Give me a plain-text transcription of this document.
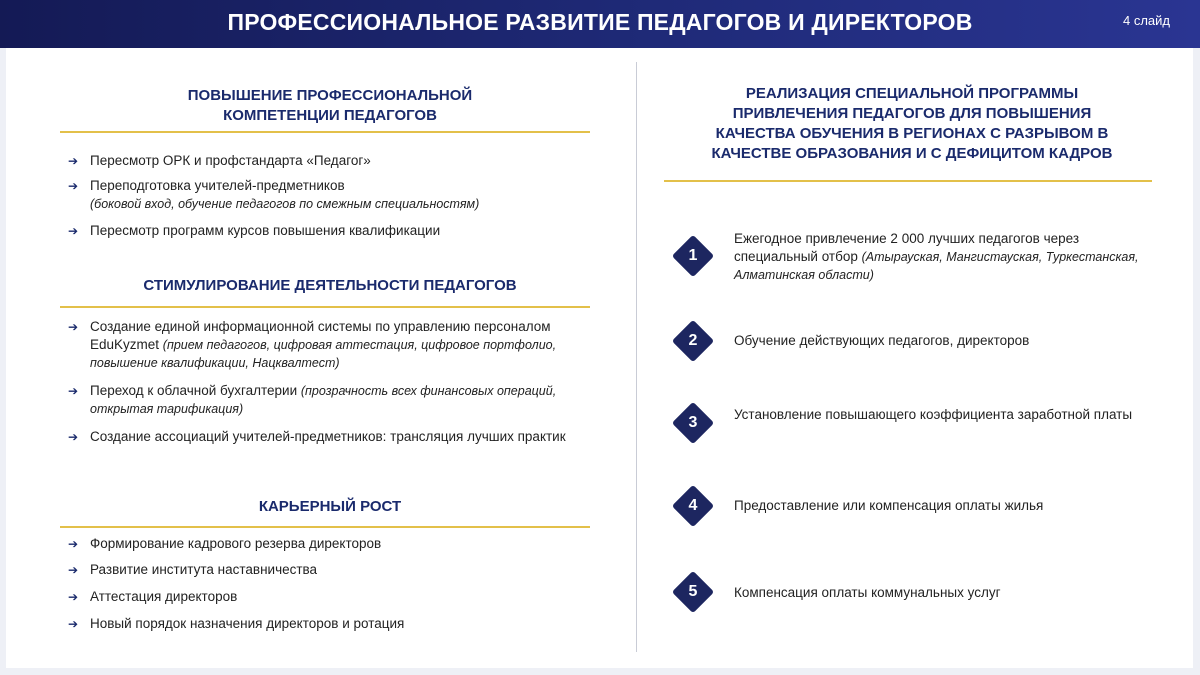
ПРОФЕССИОНАЛЬНОЕ РАЗВИТИЕ ПЕДАГОГОВ И ДИРЕКТОРОВ	4 слайд
ПОВЫШЕНИЕ ПРОФЕССИОНАЛЬНОЙ
КОМПЕТЕНЦИИ ПЕДАГОГОВ
➔ Пересмотр ОРК и профстандарта «Педагог»
➔ Переподготовка учителей-предметников
(боковой вход, обучение педагогов по смежным специальностям)
➔ Пересмотр программ курсов повышения квалификации
СТИМУЛИРОВАНИЕ ДЕЯТЕЛЬНОСТИ ПЕДАГОГОВ
➔ Создание единой информационной системы по управлению персоналом EduKyzmet (прием педагогов, цифровая аттестация, цифровое портфолио, повышение квалификации, Нацквалтест)
➔ Переход к облачной бухгалтерии (прозрачность всех финансовых операций, открытая тарификация)
➔ Создание ассоциаций учителей-предметников: трансляция лучших практик
КАРЬЕРНЫЙ РОСТ
➔ Формирование кадрового резерва директоров
➔ Развитие института наставничества
➔ Аттестация директоров
➔ Новый порядок назначения директоров и ротация
РЕАЛИЗАЦИЯ СПЕЦИАЛЬНОЙ ПРОГРАММЫ
ПРИВЛЕЧЕНИЯ ПЕДАГОГОВ ДЛЯ ПОВЫШЕНИЯ
КАЧЕСТВА ОБУЧЕНИЯ В РЕГИОНАХ С РАЗРЫВОМ В
КАЧЕСТВЕ ОБРАЗОВАНИЯ И С ДЕФИЦИТОМ КАДРОВ
1
Ежегодное привлечение 2 000 лучших педагогов через специальный отбор (Атырауская, Мангистауская, Туркестанская, Алматинская области)
2	Обучение действующих педагогов, директоров
3	Установление повышающего коэффициента заработной платы
4	Предоставление или компенсация оплаты жилья
5	Компенсация оплаты коммунальных услуг
